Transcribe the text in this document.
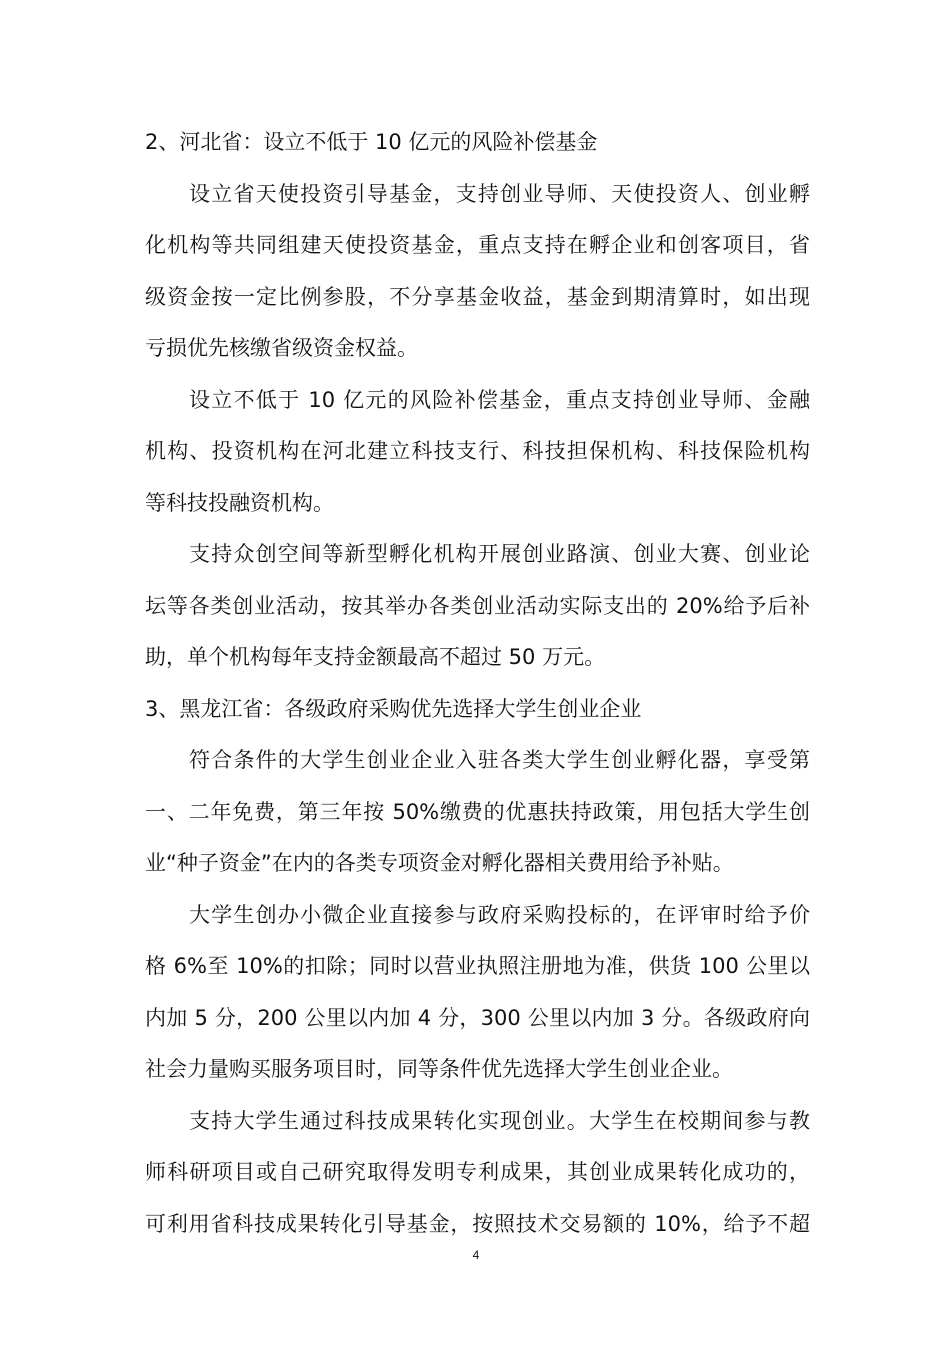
2、河北省：设立不低于 10 亿元的风险补偿基金
设立省天使投资引导基金，支持创业导师、天使投资人、创业孵
化机构等共同组建天使投资基金，重点支持在孵企业和创客项目，省
级资金按一定比例参股，不分享基金收益，基金到期清算时，如出现
亏损优先核缴省级资金权益。
设立不低于 10 亿元的风险补偿基金，重点支持创业导师、金融
机构、投资机构在河北建立科技支行、科技担保机构、科技保险机构
等科技投融资机构。
支持众创空间等新型孵化机构开展创业路演、创业大赛、创业论
坛等各类创业活动，按其举办各类创业活动实际支出的 20%给予后补
助，单个机构每年支持金额最高不超过 50 万元。
3、黑龙江省：各级政府采购优先选择大学生创业企业
符合条件的大学生创业企业入驻各类大学生创业孵化器，享受第
一、二年免费，第三年按 50%缴费的优惠扶持政策，用包括大学生创
业“种子资金”在内的各类专项资金对孵化器相关费用给予补贴。
大学生创办小微企业直接参与政府采购投标的，在评审时给予价
格 6%至 10%的扣除；同时以营业执照注册地为准，供货 100 公里以
内加 5 分，200 公里以内加 4 分，300 公里以内加 3 分。各级政府向
社会力量购买服务项目时，同等条件优先选择大学生创业企业。
支持大学生通过科技成果转化实现创业。大学生在校期间参与教
师科研项目或自己研究取得发明专利成果，其创业成果转化成功的，
可利用省科技成果转化引导基金，按照技术交易额的 10%，给予不超
4
